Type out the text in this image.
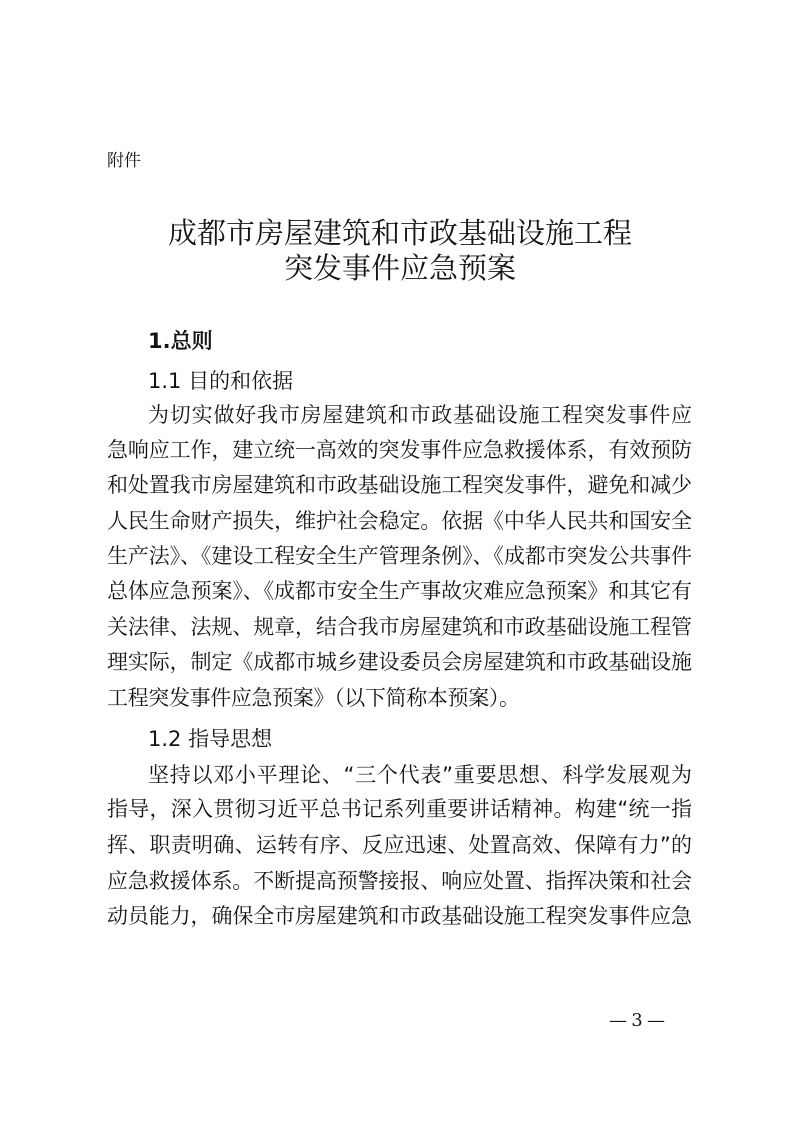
附件
成都市房屋建筑和市政基础设施工程
突发事件应急预案
1.总则
1.1 目的和依据
为切实做好我市房屋建筑和市政基础设施工程突发事件应
急响应工作，建立统一高效的突发事件应急救援体系，有效预防
和处置我市房屋建筑和市政基础设施工程突发事件，避免和减少
人民生命财产损失，维护社会稳定。依据《中华人民共和国安全
生产法》、《建设工程安全生产管理条例》、《成都市突发公共事件
总体应急预案》、《成都市安全生产事故灾难应急预案》和其它有
关法律、法规、规章，结合我市房屋建筑和市政基础设施工程管
理实际，制定《成都市城乡建设委员会房屋建筑和市政基础设施
工程突发事件应急预案》（以下简称本预案）。
1.2 指导思想
坚持以邓小平理论、“三个代表”重要思想、科学发展观为
指导，深入贯彻习近平总书记系列重要讲话精神。构建“统一指
挥、职责明确、运转有序、反应迅速、处置高效、保障有力”的
应急救援体系。不断提高预警接报、响应处置、指挥决策和社会
动员能力，确保全市房屋建筑和市政基础设施工程突发事件应急
— 3 —
